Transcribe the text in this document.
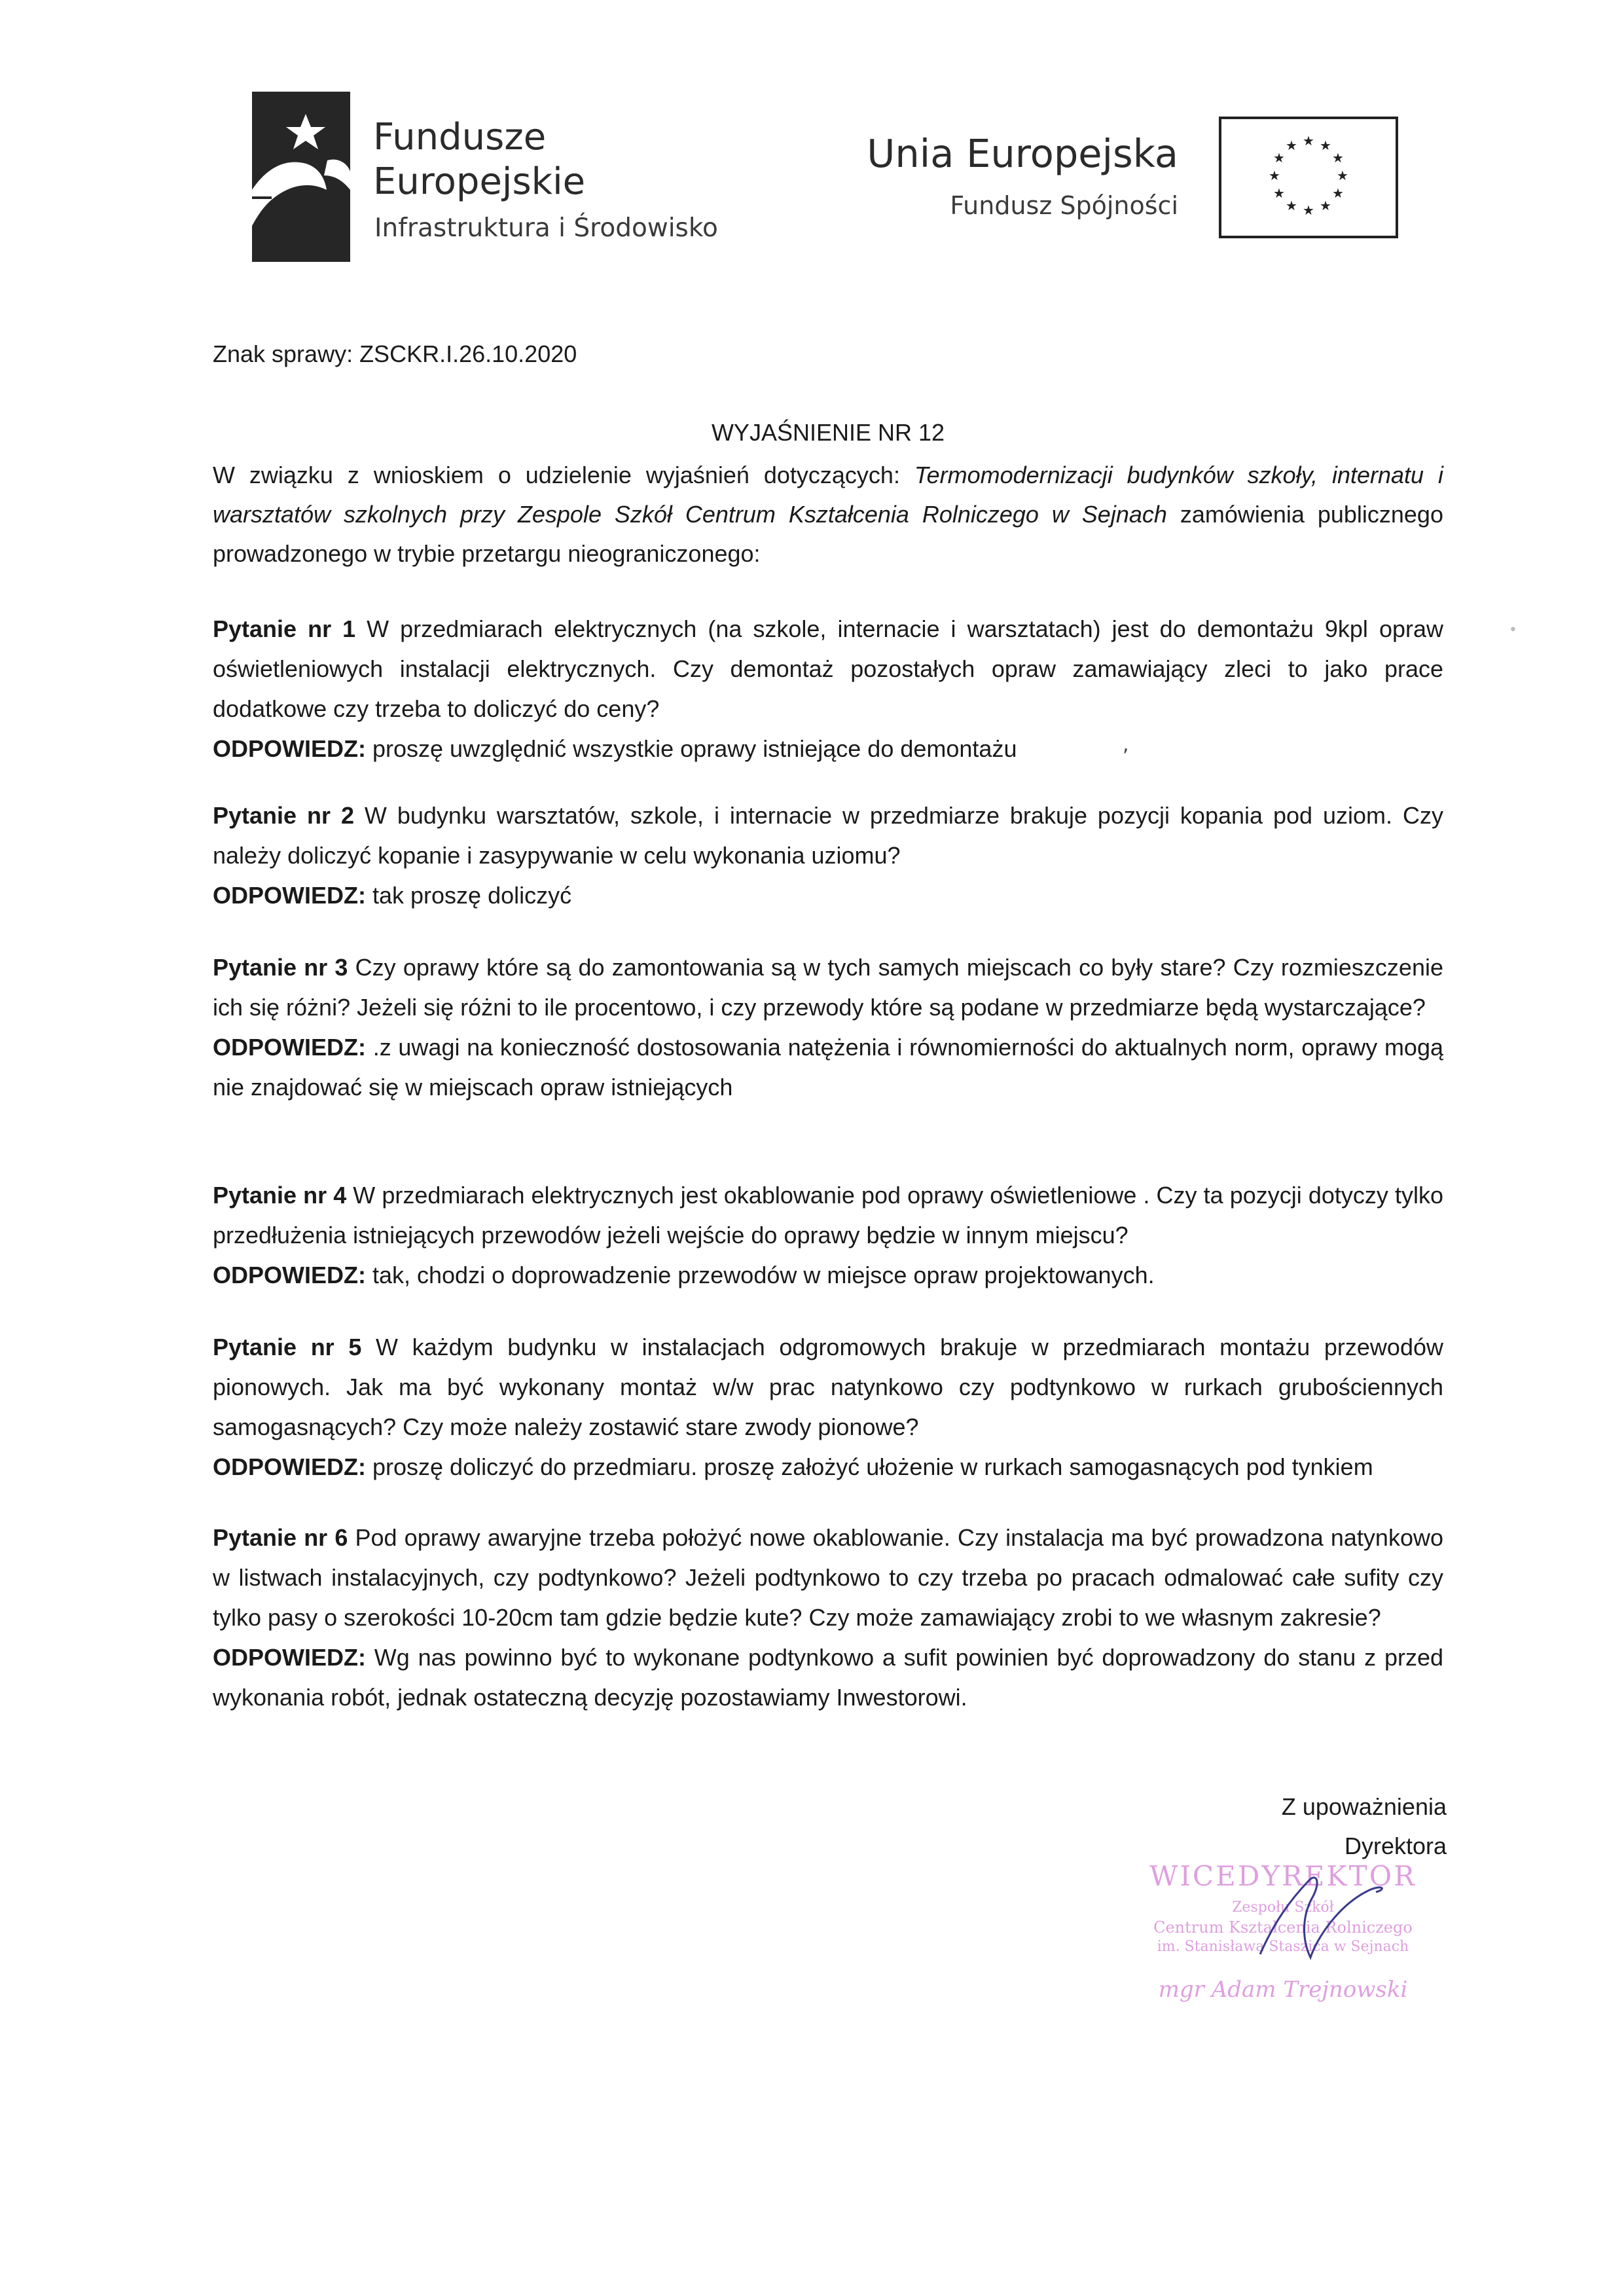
Fundusze
Europejskie
Infrastruktura i Środowisko
Unia Europejska
Fundusz Spójności
★ ★
★
★
★
★
★
★
★
★
★
★
Znak sprawy: ZSCKR.I.26.10.2020
WYJAŚNIENIE NR 12
W związku z wnioskiem o udzielenie wyjaśnień dotyczących: Termomodernizacji budynków szkoły, internatu i warsztatów szkolnych przy Zespole Szkół Centrum Kształcenia Rolniczego w Sejnach zamówienia publicznego prowadzonego w trybie przetargu nieograniczonego:
Pytanie nr 1 W przedmiarach elektrycznych (na szkole, internacie i warsztatach) jest do demontażu 9kpl opraw oświetleniowych instalacji elektrycznych. Czy demontaż pozostałych opraw zamawiający zleci to jako prace dodatkowe czy trzeba to doliczyć do ceny?
ODPOWIEDZ: proszę uwzględnić wszystkie oprawy istniejące do demontażu
Pytanie nr 2 W budynku warsztatów, szkole, i internacie w przedmiarze brakuje pozycji kopania pod uziom. Czy należy doliczyć kopanie i zasypywanie w celu wykonania uziomu?
ODPOWIEDZ: tak proszę doliczyć
Pytanie nr 3 Czy oprawy które są do zamontowania są w tych samych miejscach co były stare? Czy rozmieszczenie ich się różni? Jeżeli się różni to ile procentowo, i czy przewody które są podane w przedmiarze będą wystarczające?
ODPOWIEDZ: .z uwagi na konieczność dostosowania natężenia i równomierności do aktualnych norm, oprawy mogą nie znajdować się w miejscach opraw istniejących
Pytanie nr 4 W przedmiarach elektrycznych jest okablowanie pod oprawy oświetleniowe . Czy ta pozycji dotyczy tylko przedłużenia istniejących przewodów jeżeli wejście do oprawy będzie w innym miejscu?
ODPOWIEDZ: tak, chodzi o doprowadzenie przewodów w miejsce opraw projektowanych.
Pytanie nr 5 W każdym budynku w instalacjach odgromowych brakuje w przedmiarach montażu przewodów pionowych. Jak ma być wykonany montaż w/w prac natynkowo czy podtynkowo w rurkach grubościennych samogasnących? Czy może należy zostawić stare zwody pionowe?
ODPOWIEDZ: proszę doliczyć do przedmiaru. proszę założyć ułożenie w rurkach samogasnących pod tynkiem
Pytanie nr 6 Pod oprawy awaryjne trzeba położyć nowe okablowanie. Czy instalacja ma być prowadzona natynkowo w listwach instalacyjnych, czy podtynkowo? Jeżeli podtynkowo to czy trzeba po pracach odmalować całe sufity czy tylko pasy o szerokości 10-20cm tam gdzie będzie kute? Czy może zamawiający zrobi to we własnym zakresie?
ODPOWIEDZ: Wg nas powinno być to wykonane podtynkowo a sufit powinien być doprowadzony do stanu z przed wykonania robót, jednak ostateczną decyzję pozostawiamy Inwestorowi.
Z upoważnienia
Dyrektora
WICEDYREKTOR
Zespołu Szkół
Centrum Kształcenia Rolniczego
im. Stanisława Staszica w Sejnach
mgr Adam Trejnowski
,
•
